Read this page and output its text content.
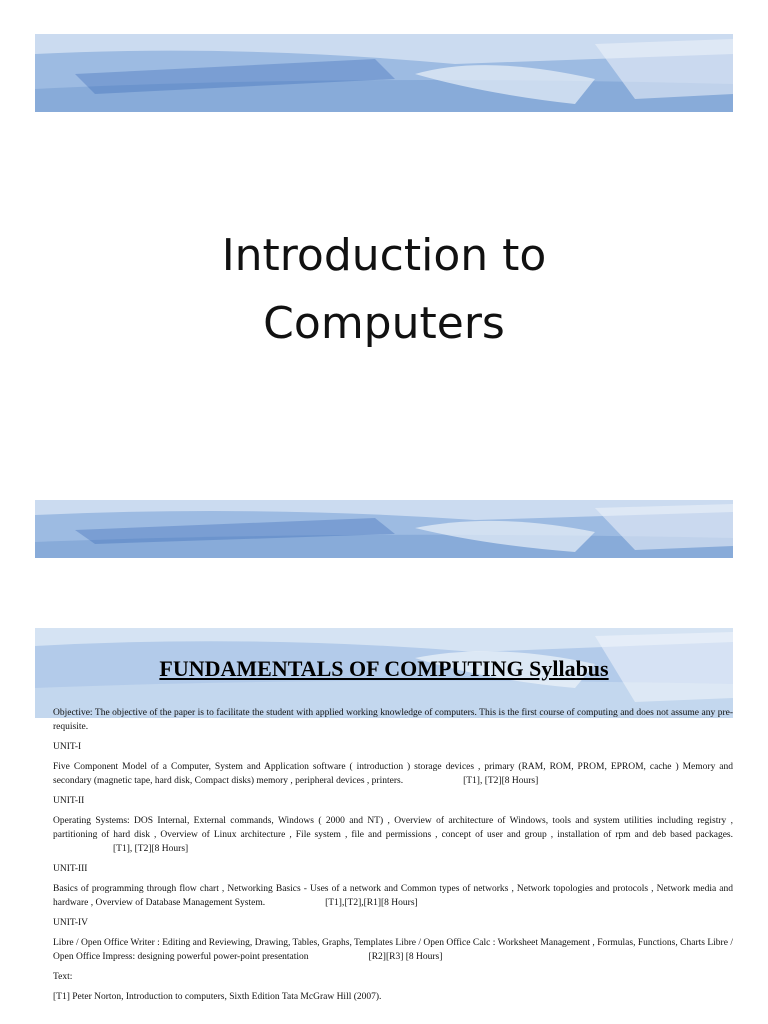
Introduction to
Computers
FUNDAMENTALS OF COMPUTING Syllabus

Objective: The objective of the paper is to facilitate the student with applied working knowledge of computers. This is the first course of computing and does not assume any pre-requisite.

UNIT-I

Five Component Model of a Computer, System and Application software ( introduction ) storage devices , primary (RAM, ROM, PROM, EPROM, cache ) Memory and secondary (magnetic tape, hard disk, Compact disks) memory , peripheral devices , printers.	[T1], [T2][8 Hours]

UNIT-II

Operating Systems: DOS Internal, External commands, Windows ( 2000 and NT) , Overview of architecture of Windows, tools and system utilities including registry , partitioning of hard disk , Overview of Linux architecture , File system , file and permissions , concept of user and group , installation of rpm and deb based packages.[T1], [T2][8 Hours]

UNIT-III

Basics of programming through flow chart , Networking Basics - Uses of a network and Common types of networks , Network topologies and protocols , Network media and hardware , Overview of Database Management System.	[T1],[T2],[R1][8 Hours]

UNIT-IV

Libre / Open Office Writer : Editing and Reviewing, Drawing, Tables, Graphs, Templates Libre / Open Office Calc : Worksheet Management , Formulas, Functions, Charts Libre / Open Office Impress: designing powerful power-point presentation	[R2][R3] [8 Hours]

Text:

[T1] Peter Norton, Introduction to computers, Sixth Edition Tata McGraw Hill (2007).
